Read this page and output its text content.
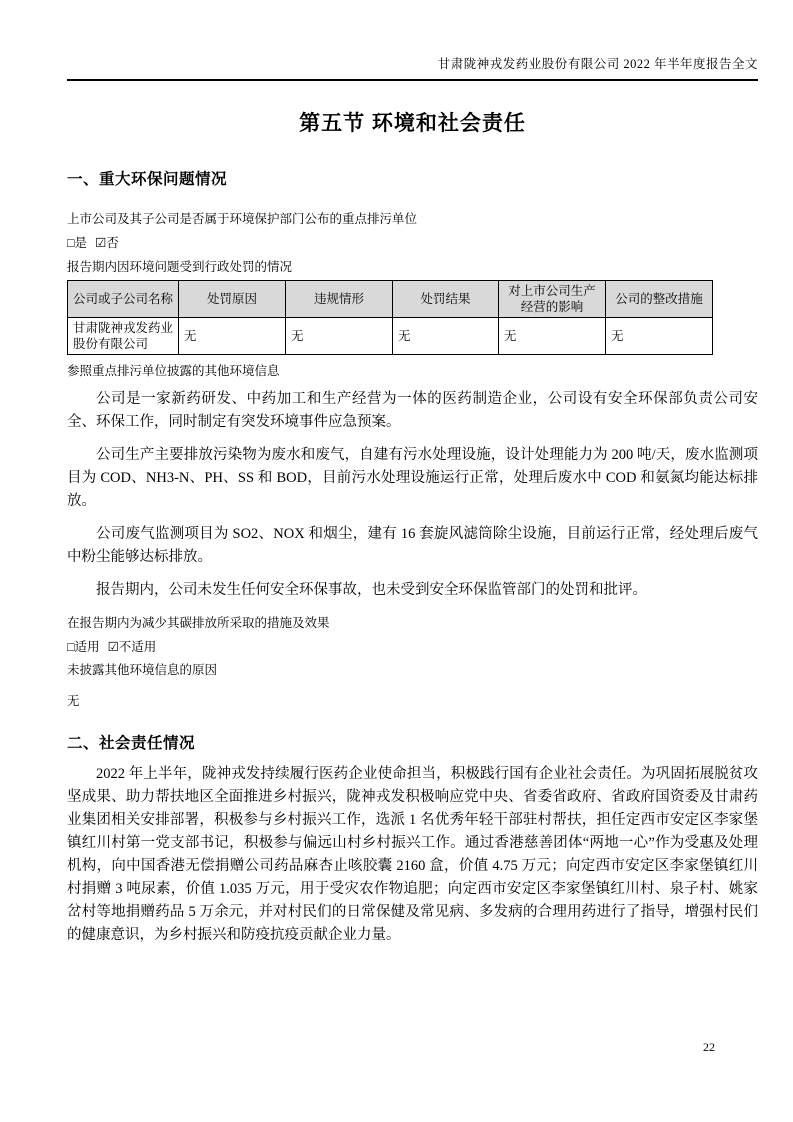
甘肃陇神戎发药业股份有限公司 2022 年半年度报告全文
第五节 环境和社会责任
一、重大环保问题情况

上市公司及其子公司是否属于环境保护部门公布的重点排污单位

□是 ☑否

报告期内因环境问题受到行政处罚的情况

公司或子公司名称	处罚原因	违规情形	处罚结果	对上市公司生产经营的影响	公司的整改措施
甘肃陇神戎发药业股份有限公司	无	无	无	无	无

参照重点排污单位披露的其他环境信息

公司是一家新药研发、中药加工和生产经营为一体的医药制造企业，公司设有安全环保部负责公司安全、环保工作，同时制定有突发环境事件应急预案。

公司生产主要排放污染物为废水和废气，自建有污水处理设施，设计处理能力为 200 吨/天，废水监测项目为 COD、NH3-N、PH、SS 和 BOD，目前污水处理设施运行正常，处理后废水中 COD 和氨氮均能达标排放。

公司废气监测项目为 SO2、NOX 和烟尘，建有 16 套旋风滤筒除尘设施，目前运行正常，经处理后废气中粉尘能够达标排放。

报告期内，公司未发生任何安全环保事故，也未受到安全环保监管部门的处罚和批评。

在报告期内为减少其碳排放所采取的措施及效果

□适用 ☑不适用

未披露其他环境信息的原因

无

二、社会责任情况

2022 年上半年，陇神戎发持续履行医药企业使命担当，积极践行国有企业社会责任。为巩固拓展脱贫攻坚成果、助力帮扶地区全面推进乡村振兴，陇神戎发积极响应党中央、省委省政府、省政府国资委及甘肃药业集团相关安排部署，积极参与乡村振兴工作，选派 1 名优秀年轻干部驻村帮扶，担任定西市安定区李家堡镇红川村第一党支部书记，积极参与偏远山村乡村振兴工作。通过香港慈善团体“两地一心”作为受惠及处理机构，向中国香港无偿捐赠公司药品麻杏止咳胶囊 2160 盒，价值 4.75 万元；向定西市安定区李家堡镇红川村捐赠 3 吨尿素，价值 1.035 万元，用于受灾农作物追肥；向定西市安定区李家堡镇红川村、泉子村、姚家岔村等地捐赠药品 5 万余元，并对村民们的日常保健及常见病、多发病的合理用药进行了指导，增强村民们的健康意识，为乡村振兴和防疫抗疫贡献企业力量。

22
